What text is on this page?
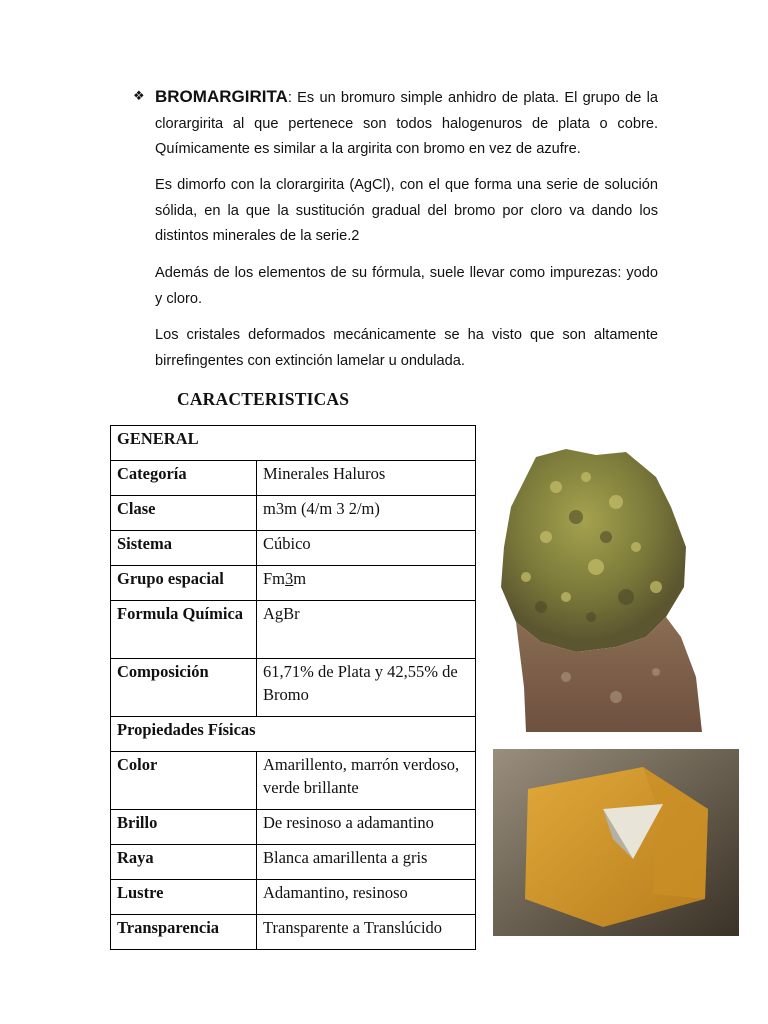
❖ BROMARGIRITA: Es un bromuro simple anhidro de plata. El grupo de la clorargirita al que pertenece son todos halogenuros de plata o cobre. Químicamente es similar a la argirita con bromo en vez de azufre.

Es dimorfo con la clorargirita (AgCl), con el que forma una serie de solución sólida, en la que la sustitución gradual del bromo por cloro va dando los distintos minerales de la serie.2

Además de los elementos de su fórmula, suele llevar como impurezas: yodo y cloro.

Los cristales deformados mecánicamente se ha visto que son altamente birrefingentes con extinción lamelar u ondulada.

CARACTERISTICAS
GENERAL	
Categoría	Minerales Haluros
Clase	m3m (4/m 3 2/m)
Sistema	Cúbico
Grupo espacial	Fm3m
Formula Química	AgBr
Composición	61,71% de Plata y 42,55% de Bromo
Propiedades Físicas	
Color	Amarillento, marrón verdoso, verde brillante
Brillo	De resinoso a adamantino
Raya	Blanca amarillenta a gris
Lustre	Adamantino, resinoso
Transparencia	Transparente a Translúcido
